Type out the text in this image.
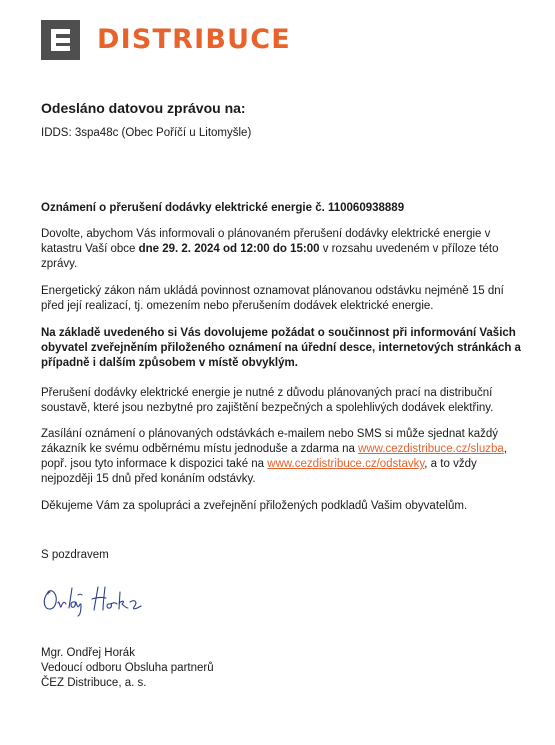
DISTRIBUCE
Odesláno datovou zprávou na:

IDDS: 3spa48c (Obec Poříčí u Litomyšle)

Oznámení o přerušení dodávky elektrické energie č. 110060938889

Dovolte, abychom Vás informovali o plánovaném přerušení dodávky elektrické energie v katastru Vaší obce dne 29. 2. 2024 od 12:00 do 15:00 v rozsahu uvedeném v příloze této zprávy.

Energetický zákon nám ukládá povinnost oznamovat plánovanou odstávku nejméně 15 dní před její realizací, tj. omezením nebo přerušením dodávek elektrické energie.

Na základě uvedeného si Vás dovolujeme požádat o součinnost při informování Vašich obyvatel zveřejněním přiloženého oznámení na úřední desce, internetových stránkách a případně i dalším způsobem v místě obvyklým.

Přerušení dodávky elektrické energie je nutné z důvodu plánovaných prací na distribuční soustavě, které jsou nezbytné pro zajištění bezpečných a spolehlivých dodávek elektřiny.

Zasílání oznámení o plánovaných odstávkách e-mailem nebo SMS si může sjednat každý zákazník ke svému odběrnému místu jednoduše a zdarma na www.cezdistribuce.cz/sluzba, popř. jsou tyto informace k dispozici také na www.cezdistribuce.cz/odstavky, a to vždy nejpozději 15 dnů před konáním odstávky.

Děkujeme Vám za spolupráci a zveřejnění přiložených podkladů Vašim obyvatelům.

S pozdravem

Mgr. Ondřej Horák

Vedoucí odboru Obsluha partnerů

ČEZ Distribuce, a. s.
